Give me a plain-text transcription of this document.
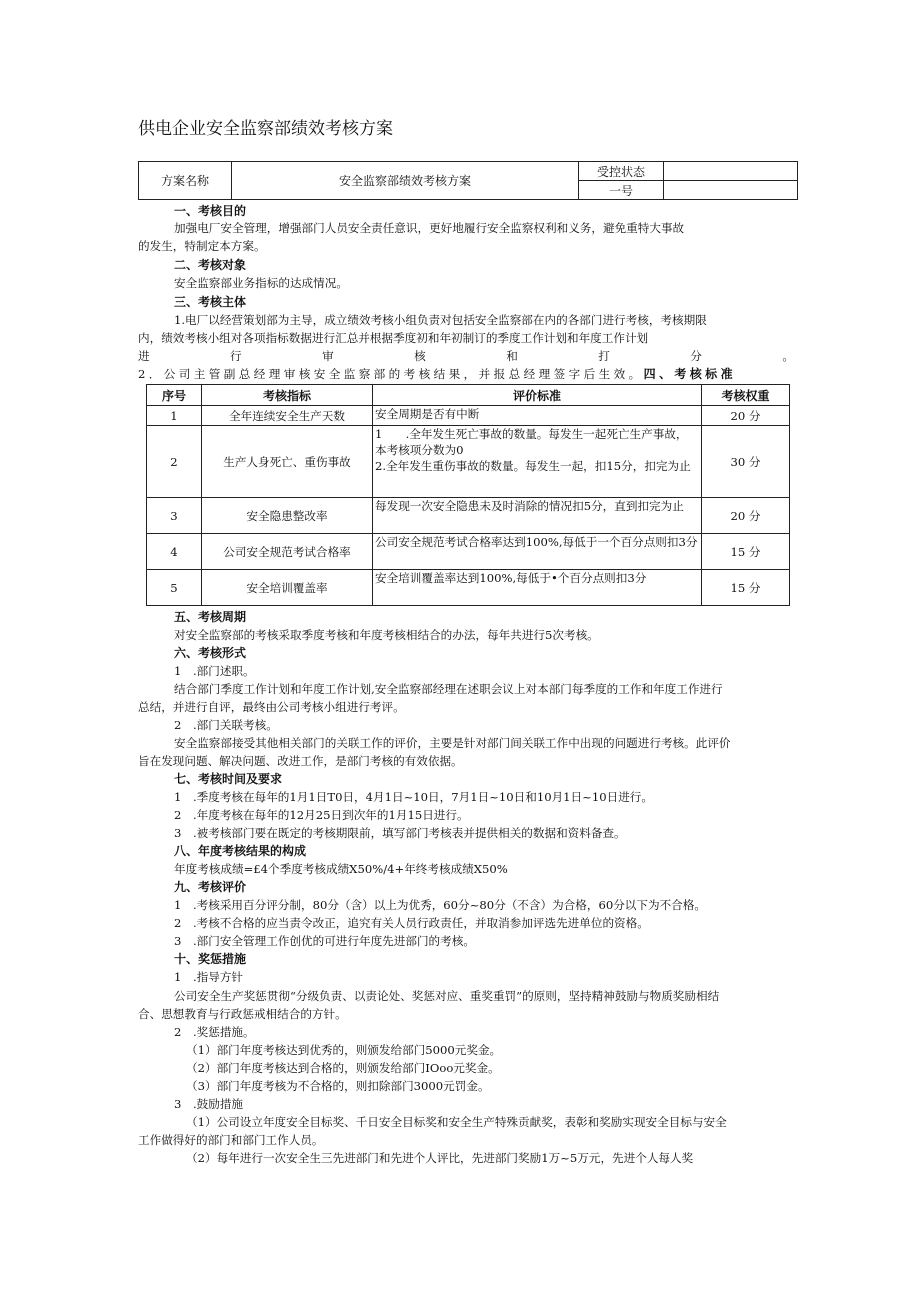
供电企业安全监察部绩效考核方案
方案名称	安全监察部绩效考核方案	受控状态	
		一号	
一、考核目的
加强电厂安全管理，增强部门人员安全责任意识，更好地履行安全监察权利和义务，避免重特大事故
的发生，特制定本方案。
二、考核对象
安全监察部业务指标的达成情况。
三、考核主体
1.电厂以经营策划部为主导，成立绩效考核小组负责对包括安全监察部在内的各部门进行考核，考核期限
内，绩效考核小组对各项指标数据进行汇总并根据季度初和年初制订的季度工作计划和年度工作计划
进	行	审	核	和	打	分	。
2．公司主管副总经理审核安全监察部的考核结果，并报总经理签字后生效。四、考核标准
序号	考核指标	评价标准	考核权重
1	全年连续安全生产天数	安全周期是否有中断	20 分
2	生产人身死亡、重伤事故	1　　.全年发生死亡事故的数量。每发生一起死亡生产事故，本考核项分数为0
2.全年发生重伤事故的数量。每发生一起，扣15分，扣完为止	30 分
3	安全隐患整改率	每发现一次安全隐患未及时消除的情况扣5分，直到扣完为止	20 分
4	公司安全规范考试合格率	公司安全规范考试合格率达到100%,每低于一个百分点则扣3分	15 分
5	安全培训覆盖率	安全培训覆盖率达到100%,每低于•个百分点则扣3分	15 分
五、考核周期
对安全监察部的考核采取季度考核和年度考核相结合的办法，每年共进行5次考核。
六、考核形式
1　.部门述职。
结合部门季度工作计划和年度工作计划,安全监察部经理在述职会议上对本部门每季度的工作和年度工作进行
总结，并进行自评，最终由公司考核小组进行考评。
2　.部门关联考核。
安全监察部接受其他相关部门的关联工作的评价，主要是针对部门间关联工作中出现的问题进行考核。此评价
旨在发现问题、解决问题、改进工作，是部门考核的有效依据。
七、考核时间及要求
1　.季度考核在每年的1月1日T0日，4月1日~10日，7月1日~10日和10月1日~10日进行。
2　.年度考核在每年的12月25日到次年的1月15日进行。
3　.被考核部门要在既定的考核期限前，填写部门考核表并提供相关的数据和资料备查。
八、年度考核结果的构成
年度考核成绩=£4个季度考核成绩X50%/4+年终考核成绩X50%
九、考核评价
1　.考核采用百分评分制，80分（含）以上为优秀，60分~80分（不含）为合格，60分以下为不合格。
2　.考核不合格的应当责令改正，追究有关人员行政责任，并取消参加评选先进单位的资格。
3　.部门安全管理工作创优的可进行年度先进部门的考核。
十、奖惩措施
1　.指导方针
公司安全生产奖惩贯彻“分级负责、以责论处、奖惩对应、重奖重罚”的原则，坚持精神鼓励与物质奖励相结
合、思想教育与行政惩戒相结合的方针。
2　.奖惩措施。
（1）部门年度考核达到优秀的，则颁发给部门5000元奖金。
（2）部门年度考核达到合格的，则颁发给部门IOoo元奖金。
（3）部门年度考核为不合格的，则扣除部门3000元罚金。
3　.鼓励措施
（1）公司设立年度安全目标奖、千日安全目标奖和安全生产特殊贡献奖，表彰和奖励实现安全目标与安全
工作做得好的部门和部门工作人员。
（2）每年进行一次安全生三先进部门和先进个人评比，先进部门奖励1万~5万元，先进个人每人奖
